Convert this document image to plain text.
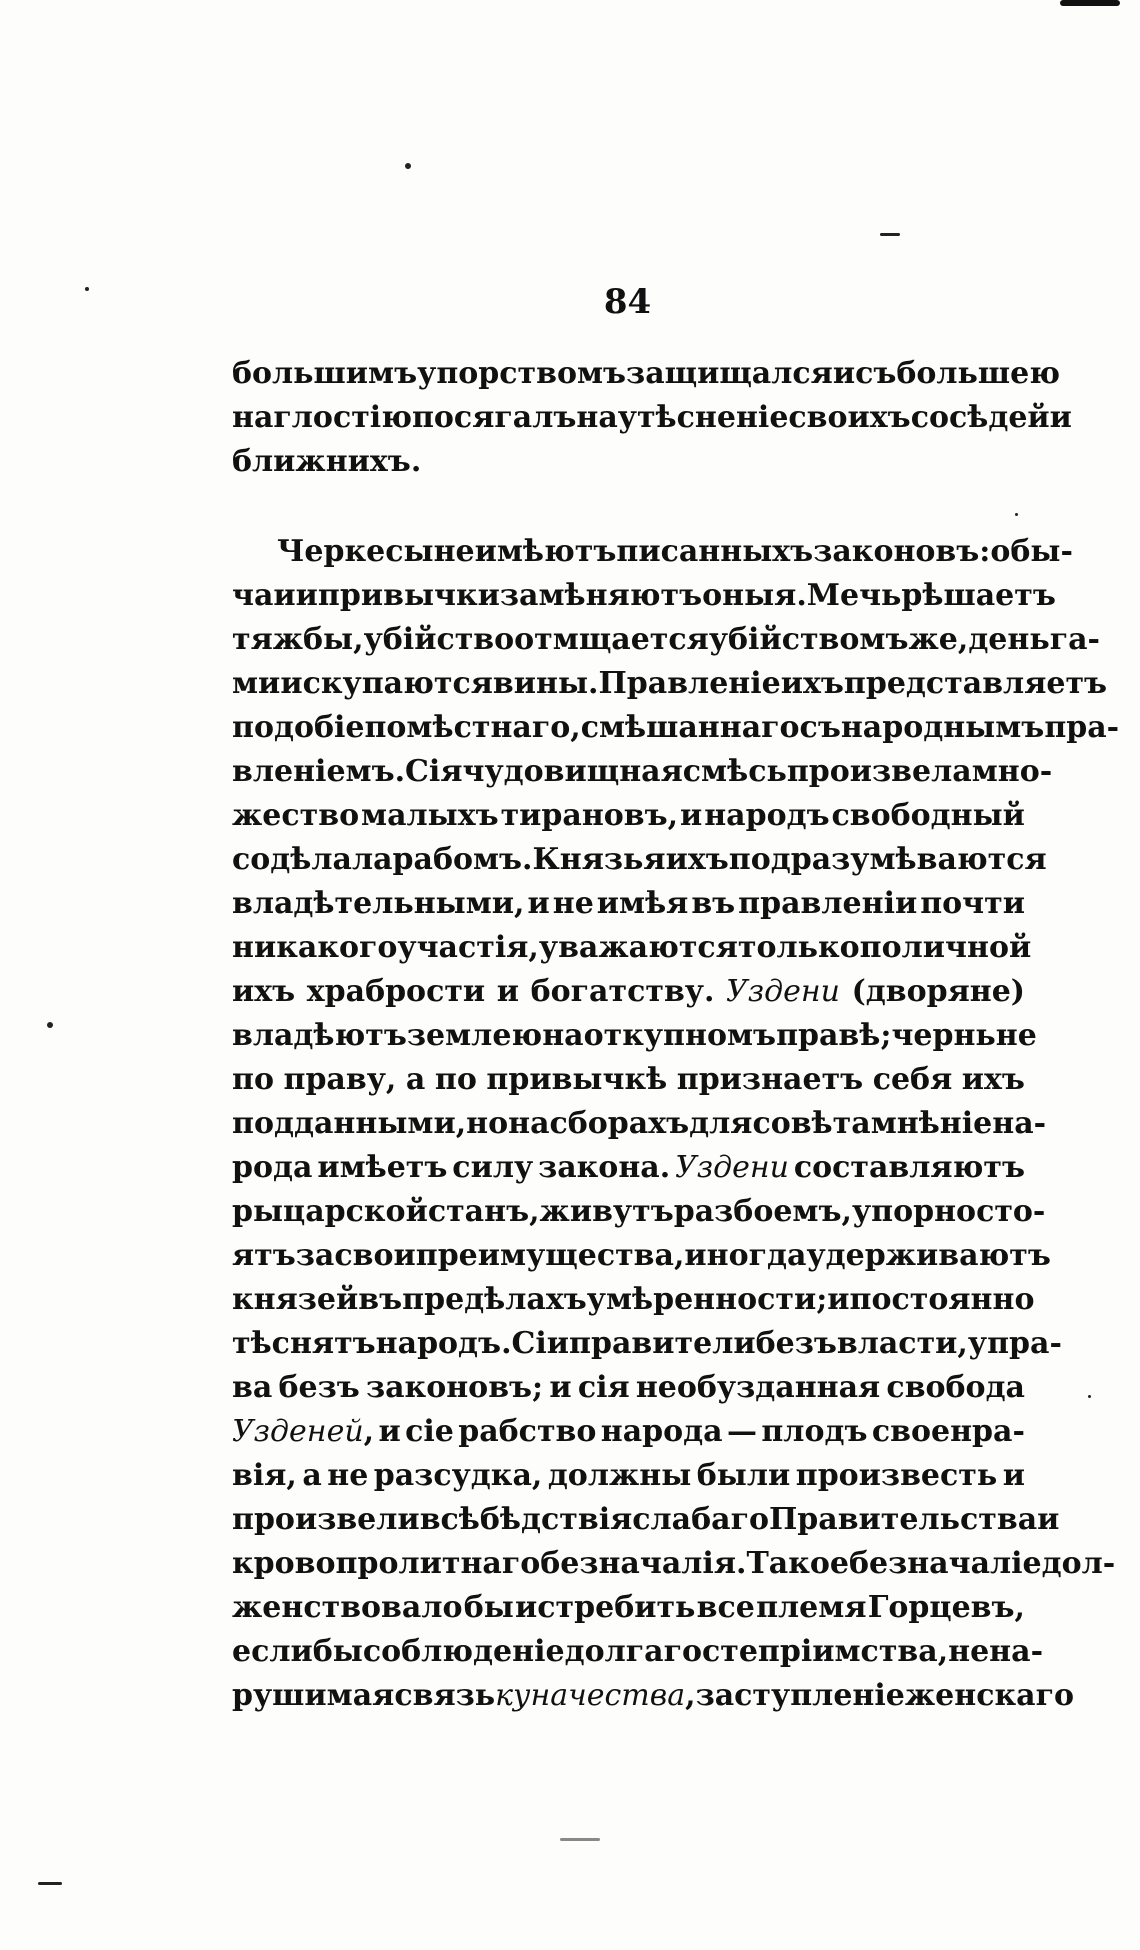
84
большимъ упорствомъ защищался и съ большею
наглостію посягалъ на утѣсненіе своихъ сосѣдей и
ближнихъ.
Черкесы не имѣютъ писанныхъ законовъ: обы-
чаи и привычки замѣняютъ оныя. Мечь рѣшаетъ
тяжбы, убійство отмщается убійствомъ же, деньга-
ми искупаются вины. Правленіе ихъ представляетъ
подобіе помѣстнаго, смѣшаннаго съ народнымъ пра-
вленіемъ. Сія чудовищная смѣсь произвела мно-
жество малыхъ тирановъ, и народъ свободный
содѣлала рабомъ. Князья ихъ подразумѣваются
владѣтельными, и не имѣя въ правленіи почти
никакого участія, уважаются только по личной
ихъ храбрости и богатству. Уздени (дворяне)
владѣютъ землею на откупномъ правѣ; чернь не
по праву, а по привычкѣ признаетъ себя ихъ
подданными, но на сборахъ для совѣта мнѣніе на-
рода имѣетъ силу закона. Уздени составляютъ
рыцарской станъ, живутъ разбоемъ, упорно сто-
ятъ за свои преимущества, иногда удерживаютъ
князей въ предѣлахъ умѣренности; и постоянно
тѣснятъ народъ. Сіи правители безъ власти, упра-
ва безъ законовъ; и сія необузданная свобода
Узденей, и сіе рабство народа — плодъ своенра-
вія, а не разсудка, должны были произвесть и
произвели всѣ бѣдствія слабаго Правительства и
кровопролитнаго безначалія. Такое безначаліе дол-
женствовало бы истребить все племя Горцевъ,
если бы соблюденіе долга гостепріимства, нена-
рушимая связь куначества, заступленіе женскаго
